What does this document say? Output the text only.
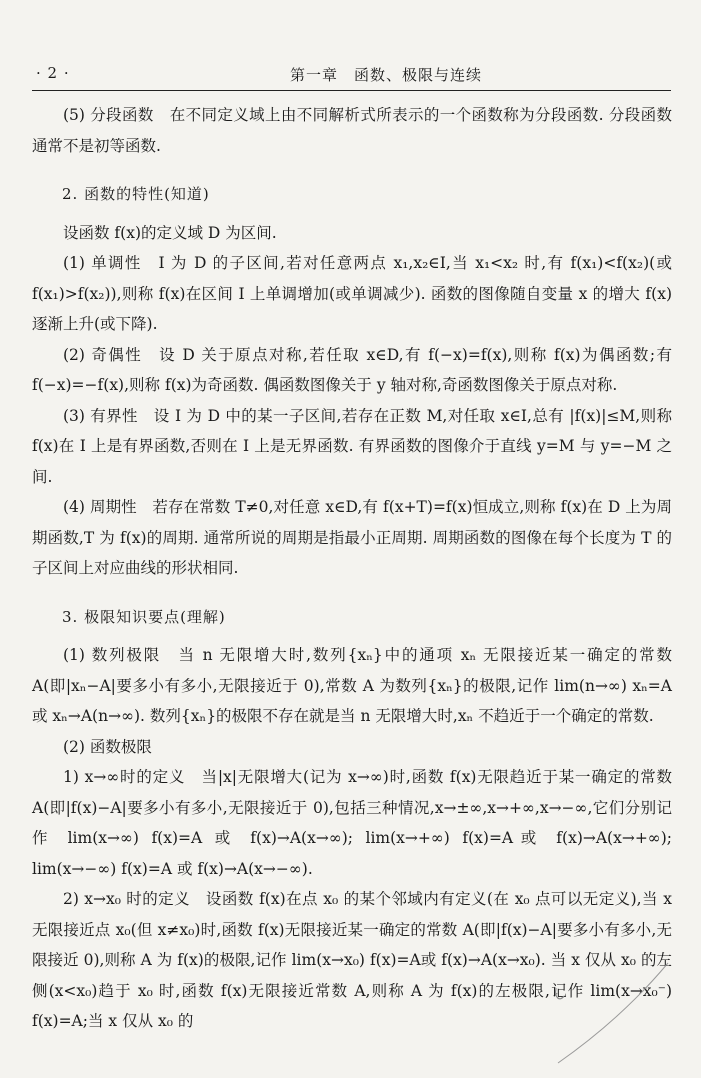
· 2 ·	第一章　函数、极限与连续

(5) 分段函数　在不同定义域上由不同解析式所表示的一个函数称为分段函数. 分段函数通常不是初等函数.

2. 函数的特性(知道)

设函数 f(x)的定义域 D 为区间.

(1) 单调性　I 为 D 的子区间,若对任意两点 x₁,x₂∈I,当 x₁<x₂ 时,有 f(x₁)<f(x₂)(或 f(x₁)>f(x₂)),则称 f(x)在区间 I 上单调增加(或单调减少). 函数的图像随自变量 x 的增大 f(x)逐渐上升(或下降).

(2) 奇偶性　设 D 关于原点对称,若任取 x∈D,有 f(−x)=f(x),则称 f(x)为偶函数;有 f(−x)=−f(x),则称 f(x)为奇函数. 偶函数图像关于 y 轴对称,奇函数图像关于原点对称.

(3) 有界性　设 I 为 D 中的某一子区间,若存在正数 M,对任取 x∈I,总有 |f(x)|≤M,则称 f(x)在 I 上是有界函数,否则在 I 上是无界函数. 有界函数的图像介于直线 y=M 与 y=−M 之间.

(4) 周期性　若存在常数 T≠0,对任意 x∈D,有 f(x+T)=f(x)恒成立,则称 f(x)在 D 上为周期函数,T 为 f(x)的周期. 通常所说的周期是指最小正周期. 周期函数的图像在每个长度为 T 的子区间上对应曲线的形状相同.

3. 极限知识要点(理解)

(1) 数列极限　当 n 无限增大时,数列{xₙ}中的通项 xₙ 无限接近某一确定的常数 A(即|xₙ−A|要多小有多小,无限接近于 0),常数 A 为数列{xₙ}的极限,记作 lim(n→∞) xₙ=A 或 xₙ→A(n→∞). 数列{xₙ}的极限不存在就是当 n 无限增大时,xₙ 不趋近于一个确定的常数.

(2) 函数极限

1) x→∞时的定义　当|x|无限增大(记为 x→∞)时,函数 f(x)无限趋近于某一确定的常数 A(即|f(x)−A|要多小有多小,无限接近于 0),包括三种情况,x→±∞,x→+∞,x→−∞,它们分别记作 lim(x→∞) f(x)=A 或 f(x)→A(x→∞); lim(x→+∞) f(x)=A或 f(x)→A(x→+∞); lim(x→−∞) f(x)=A 或 f(x)→A(x→−∞).

2) x→x₀ 时的定义　设函数 f(x)在点 x₀ 的某个邻域内有定义(在 x₀ 点可以无定义),当 x 无限接近点 x₀(但 x≠x₀)时,函数 f(x)无限接近某一确定的常数 A(即|f(x)−A|要多小有多小,无限接近 0),则称 A 为 f(x)的极限,记作 lim(x→x₀) f(x)=A或 f(x)→A(x→x₀). 当 x 仅从 x₀ 的左侧(x<x₀)趋于 x₀ 时,函数 f(x)无限接近常数 A,则称 A 为 f(x)的左极限,记作 lim(x→x₀⁻) f(x)=A;当 x 仅从 x₀ 的
